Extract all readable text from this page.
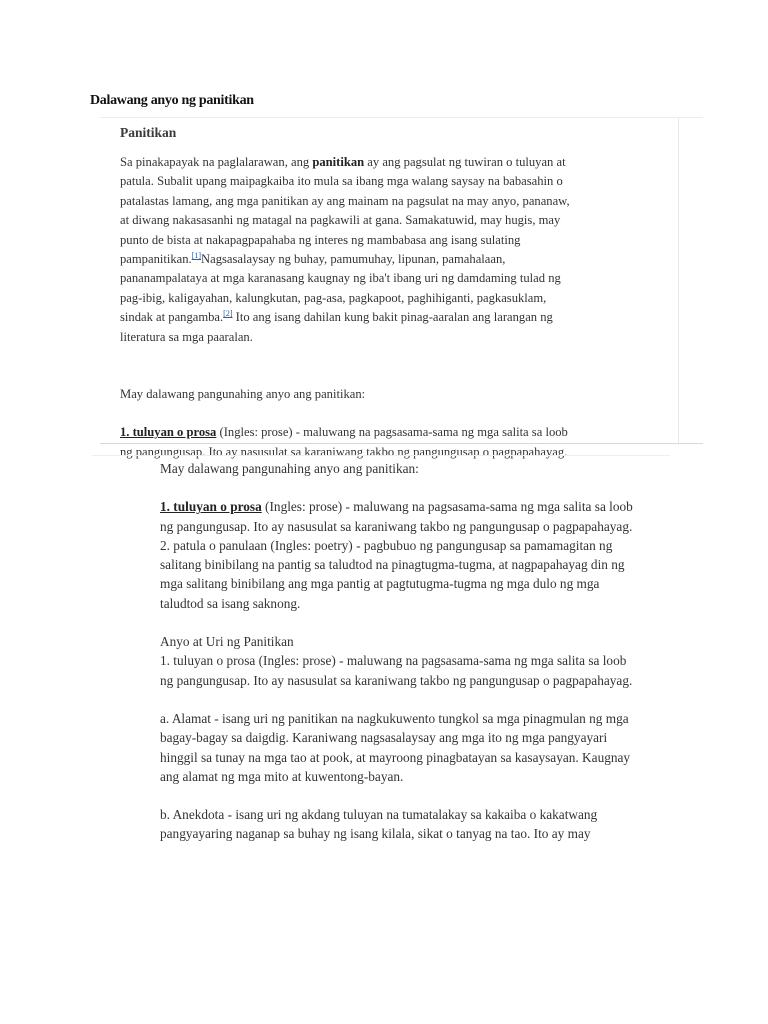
Dalawang anyo ng panitikan
Panitikan

Sa pinakapayak na paglalarawan, ang panitikan ay ang pagsulat ng tuwiran o tuluyan at

patula. Subalit upang maipagkaiba ito mula sa ibang mga walang saysay na babasahin o

patalastas lamang, ang mga panitikan ay ang mainam na pagsulat na may anyo, pananaw,

at diwang nakasasanhi ng matagal na pagkawili at gana. Samakatuwid, may hugis, may

punto de bista at nakapagpapahaba ng interes ng mambabasa ang isang sulating

pampanitikan.[1]Nagsasalaysay ng buhay, pamumuhay, lipunan, pamahalaan,

pananampalataya at mga karanasang kaugnay ng iba't ibang uri ng damdaming tulad ng

pag-ibig, kaligayahan, kalungkutan, pag-asa, pagkapoot, paghihiganti, pagkasuklam,

sindak at pangamba.[2] Ito ang isang dahilan kung bakit pinag-aaralan ang larangan ng

literatura sa mga paaralan.

May dalawang pangunahing anyo ang panitikan:

1. tuluyan o prosa (Ingles: prose) - maluwang na pagsasama-sama ng mga salita sa loob

ng pangungusap. Ito ay nasusulat sa karaniwang takbo ng pangungusap o pagpapahayag.

May dalawang pangunahing anyo ang panitikan:

1. tuluyan o prosa (Ingles: prose) - maluwang na pagsasama-sama ng mga salita sa loob

ng pangungusap. Ito ay nasusulat sa karaniwang takbo ng pangungusap o pagpapahayag.

2. patula o panulaan (Ingles: poetry) - pagbubuo ng pangungusap sa pamamagitan ng

salitang binibilang na pantig sa taludtod na pinagtugma-tugma, at nagpapahayag din ng

mga salitang binibilang ang mga pantig at pagtutugma-tugma ng mga dulo ng mga

taludtod sa isang saknong.

Anyo at Uri ng Panitikan

1. tuluyan o prosa (Ingles: prose) - maluwang na pagsasama-sama ng mga salita sa loob

ng pangungusap. Ito ay nasusulat sa karaniwang takbo ng pangungusap o pagpapahayag.

a. Alamat - isang uri ng panitikan na nagkukuwento tungkol sa mga pinagmulan ng mga

bagay-bagay sa daigdig. Karaniwang nagsasalaysay ang mga ito ng mga pangyayari

hinggil sa tunay na mga tao at pook, at mayroong pinagbatayan sa kasaysayan. Kaugnay

ang alamat ng mga mito at kuwentong-bayan.

b. Anekdota - isang uri ng akdang tuluyan na tumatalakay sa kakaiba o kakatwang

pangyayaring naganap sa buhay ng isang kilala, sikat o tanyag na tao. Ito ay may
